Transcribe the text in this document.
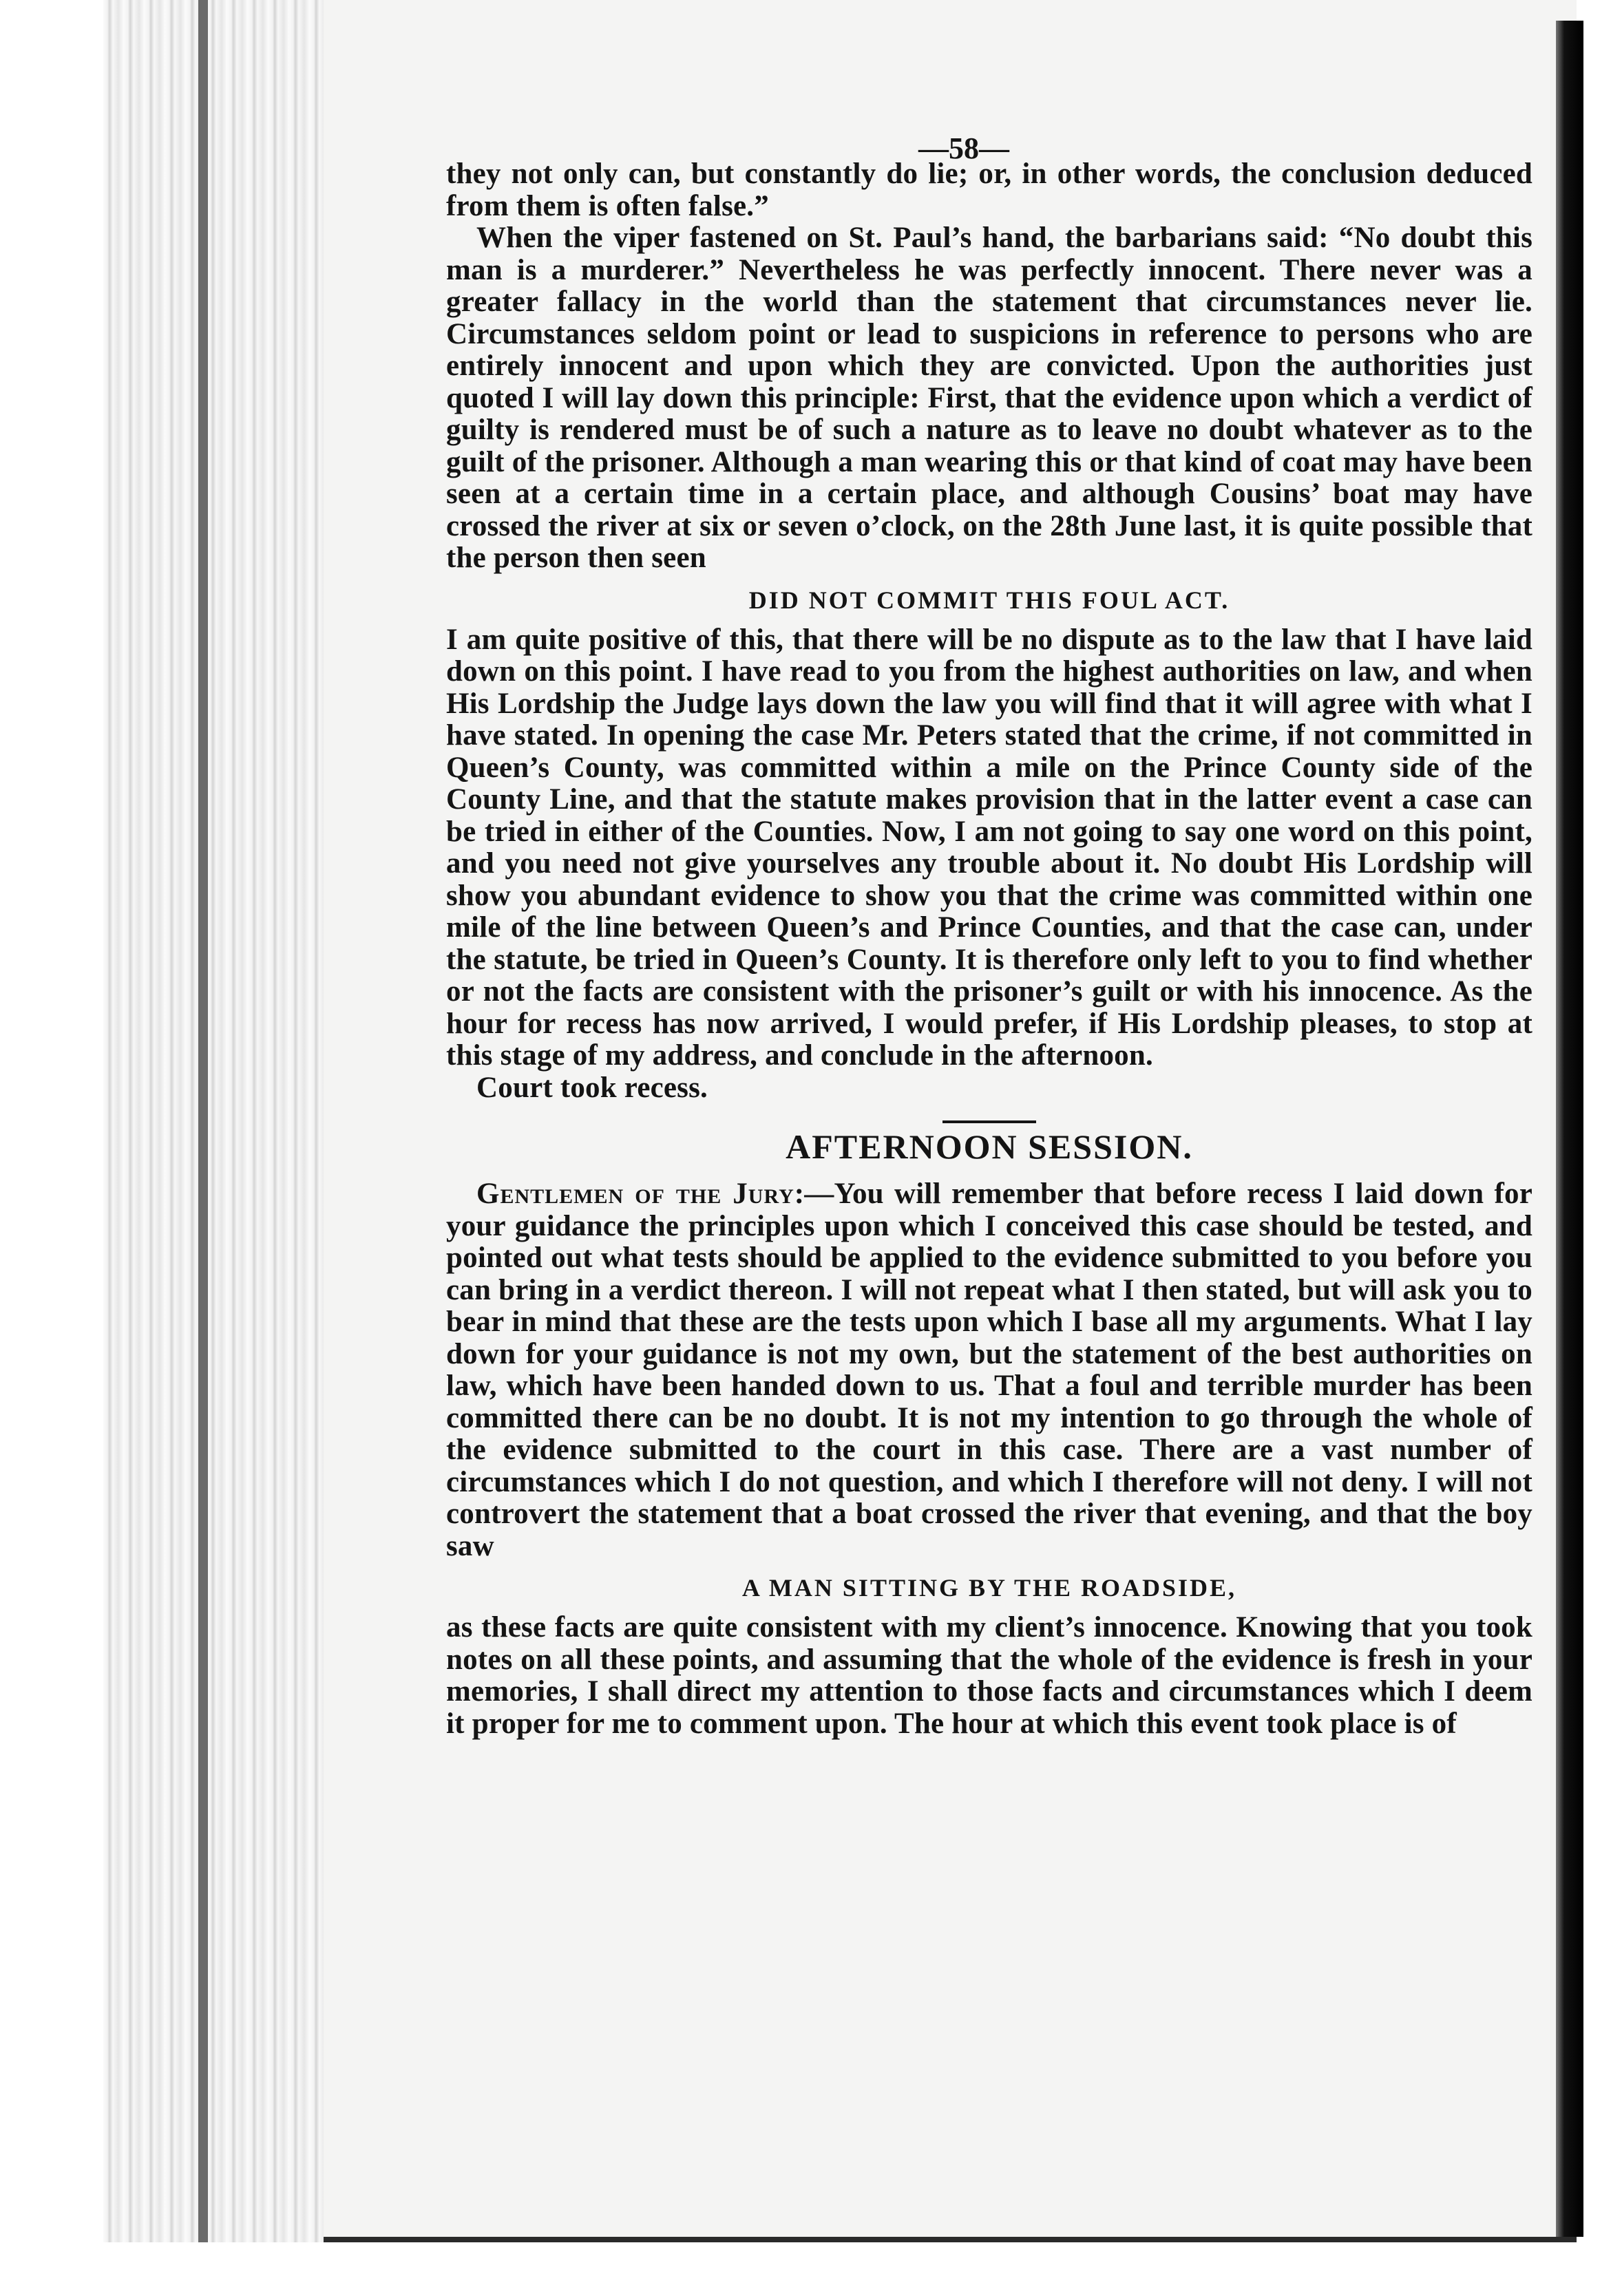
—58—

they not only can, but constantly do lie; or, in other words, the conclusion deduced from them is often false.”

When the viper fastened on St. Paul’s hand, the barbarians said: “No doubt this man is a murderer.” Nevertheless he was perfectly innocent. There never was a greater fallacy in the world than the statement that circumstances never lie. Circumstances seldom point or lead to suspicions in reference to persons who are entirely innocent and upon which they are convicted. Upon the authorities just quoted I will lay down this principle: First, that the evidence upon which a verdict of guilty is rendered must be of such a nature as to leave no doubt whatever as to the guilt of the prisoner. Although a man wearing this or that kind of coat may have been seen at a certain time in a certain place, and although Cousins’ boat may have crossed the river at six or seven o’clock, on the 28th June last, it is quite possible that the person then seen

DID NOT COMMIT THIS FOUL ACT.

I am quite positive of this, that there will be no dispute as to the law that I have laid down on this point. I have read to you from the highest authorities on law, and when His Lordship the Judge lays down the law you will find that it will agree with what I have stated. In opening the case Mr. Peters stated that the crime, if not committed in Queen’s County, was committed within a mile on the Prince County side of the County Line, and that the statute makes provision that in the latter event a case can be tried in either of the Counties. Now, I am not going to say one word on this point, and you need not give yourselves any trouble about it. No doubt His Lordship will show you abundant evidence to show you that the crime was committed within one mile of the line between Queen’s and Prince Counties, and that the case can, under the statute, be tried in Queen’s County. It is therefore only left to you to find whether or not the facts are consistent with the prisoner’s guilt or with his innocence. As the hour for recess has now arrived, I would prefer, if His Lordship pleases, to stop at this stage of my address, and conclude in the afternoon.

Court took recess.

AFTERNOON SESSION.

Gentlemen of the Jury:—You will remember that before recess I laid down for your guidance the principles upon which I conceived this case should be tested, and pointed out what tests should be applied to the evidence submitted to you before you can bring in a verdict thereon. I will not repeat what I then stated, but will ask you to bear in mind that these are the tests upon which I base all my arguments. What I lay down for your guidance is not my own, but the statement of the best authorities on law, which have been handed down to us. That a foul and terrible murder has been committed there can be no doubt. It is not my intention to go through the whole of the evidence submitted to the court in this case. There are a vast number of circumstances which I do not question, and which I therefore will not deny. I will not controvert the statement that a boat crossed the river that evening, and that the boy saw

A MAN SITTING BY THE ROADSIDE,

as these facts are quite consistent with my client’s innocence. Knowing that you took notes on all these points, and assuming that the whole of the evidence is fresh in your memories, I shall direct my attention to those facts and circumstances which I deem it proper for me to comment upon. The hour at which this event took place is of
